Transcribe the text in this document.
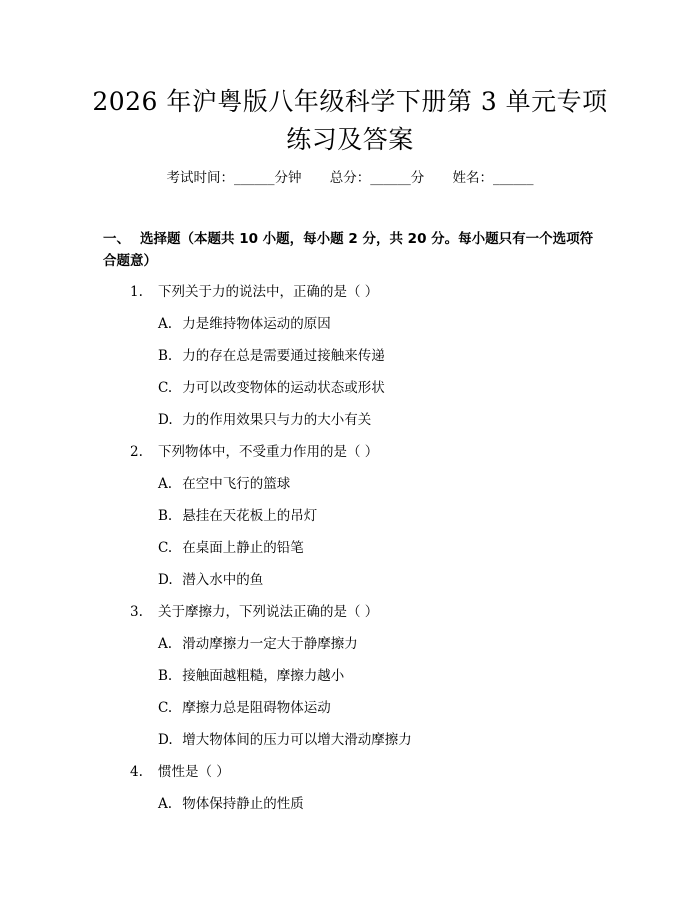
2026 年沪粤版八年级科学下册第 3 单元专项
练习及答案
考试时间：______分钟 总分：______分 姓名：______
一、 选择题（本题共 10 小题，每小题 2 分，共 20 分。每小题只有一个选项符合题意）
1. 下列关于力的说法中，正确的是（ ）
A. 力是维持物体运动的原因
B. 力的存在总是需要通过接触来传递
C. 力可以改变物体的运动状态或形状
D. 力的作用效果只与力的大小有关
2. 下列物体中，不受重力作用的是（ ）
A. 在空中飞行的篮球
B. 悬挂在天花板上的吊灯
C. 在桌面上静止的铅笔
D. 潜入水中的鱼
3. 关于摩擦力，下列说法正确的是（ ）
A. 滑动摩擦力一定大于静摩擦力
B. 接触面越粗糙，摩擦力越小
C. 摩擦力总是阻碍物体运动
D. 增大物体间的压力可以增大滑动摩擦力
4. 惯性是（ ）
A. 物体保持静止的性质
